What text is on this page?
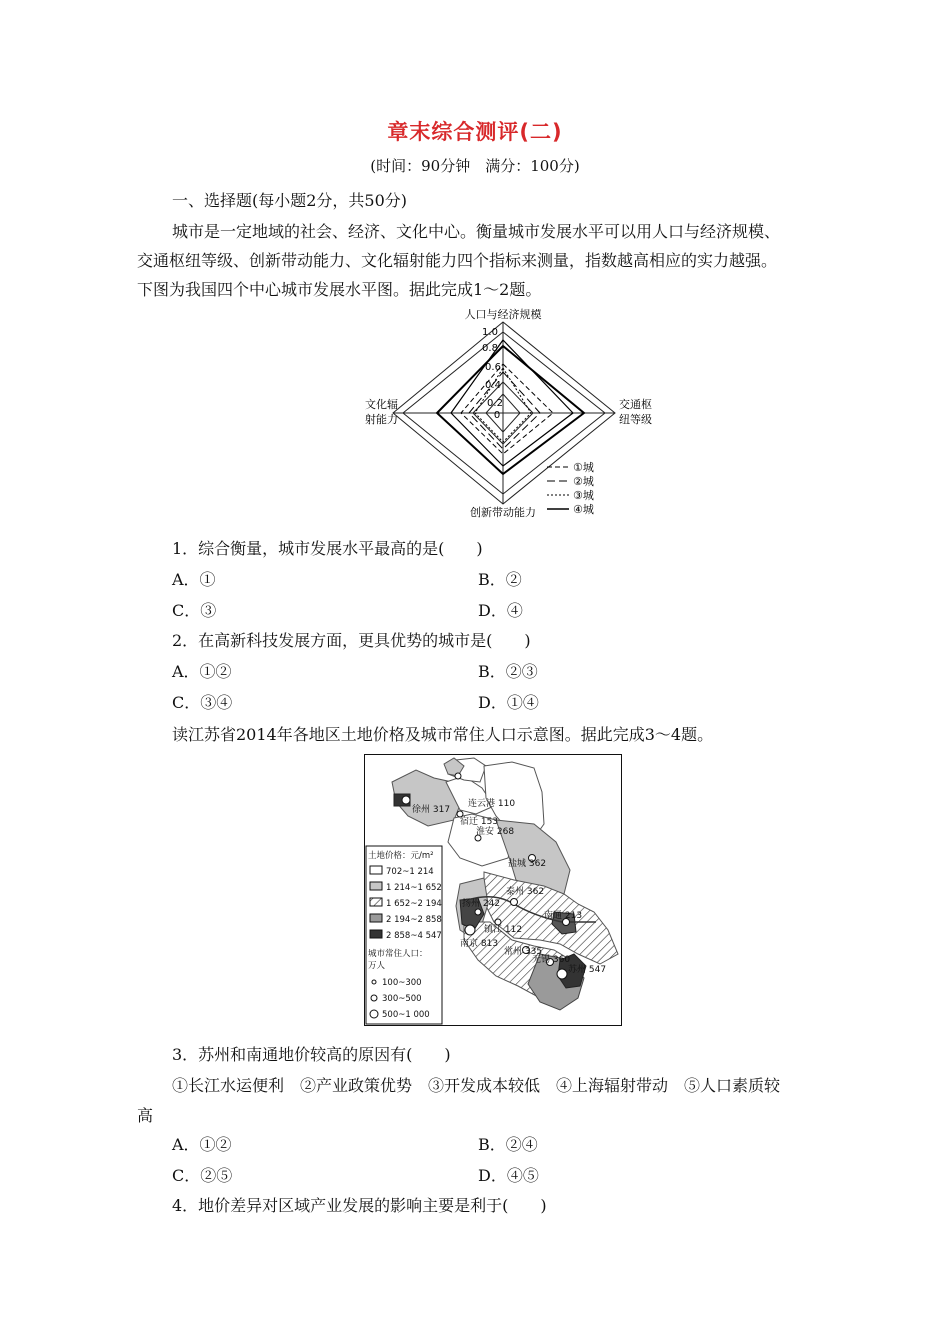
章末综合测评(二)
(时间：90分钟　满分：100分)
一、选择题(每小题2分，共50分)
城市是一定地域的社会、经济、文化中心。衡量城市发展水平可以用人口与经济规模、
交通枢纽等级、创新带动能力、文化辐射能力四个指标来测量，指数越高相应的实力越强。
下图为我国四个中心城市发展水平图。据此完成1～2题。
人口与经济规模
交通枢
纽等级
创新带动能力
文化辐
射能力
1.0
0.8
0.6
0.4
0.2
0
①城
②城
③城
④城
1．综合衡量，城市发展水平最高的是(　　)
A．①	B．②
C．③	D．④
2．在高新科技发展方面，更具优势的城市是(　　)
A．①②	B．②③
C．③④	D．①④
读江苏省2014年各地区土地价格及城市常住人口示意图。据此完成3～4题。
徐州 317
连云港 110
宿迁 153
淮安 268
盐城 362
泰州 362
扬州 242
镇江 112
南通 213
南京 813
常州 335
无锡 360
苏州 547
土地价格：元/m²
702~1 214
1 214~1 652
1 652~2 194
2 194~2 858
2 858~4 547
城市常住人口：
万人
100~300
300~500
500~1 000
3．苏州和南通地价较高的原因有(　　)
①长江水运便利　②产业政策优势　③开发成本较低　④上海辐射带动　⑤人口素质较
高
A．①②	B．②④
C．②⑤	D．④⑤
4．地价差异对区域产业发展的影响主要是利于(　　)
